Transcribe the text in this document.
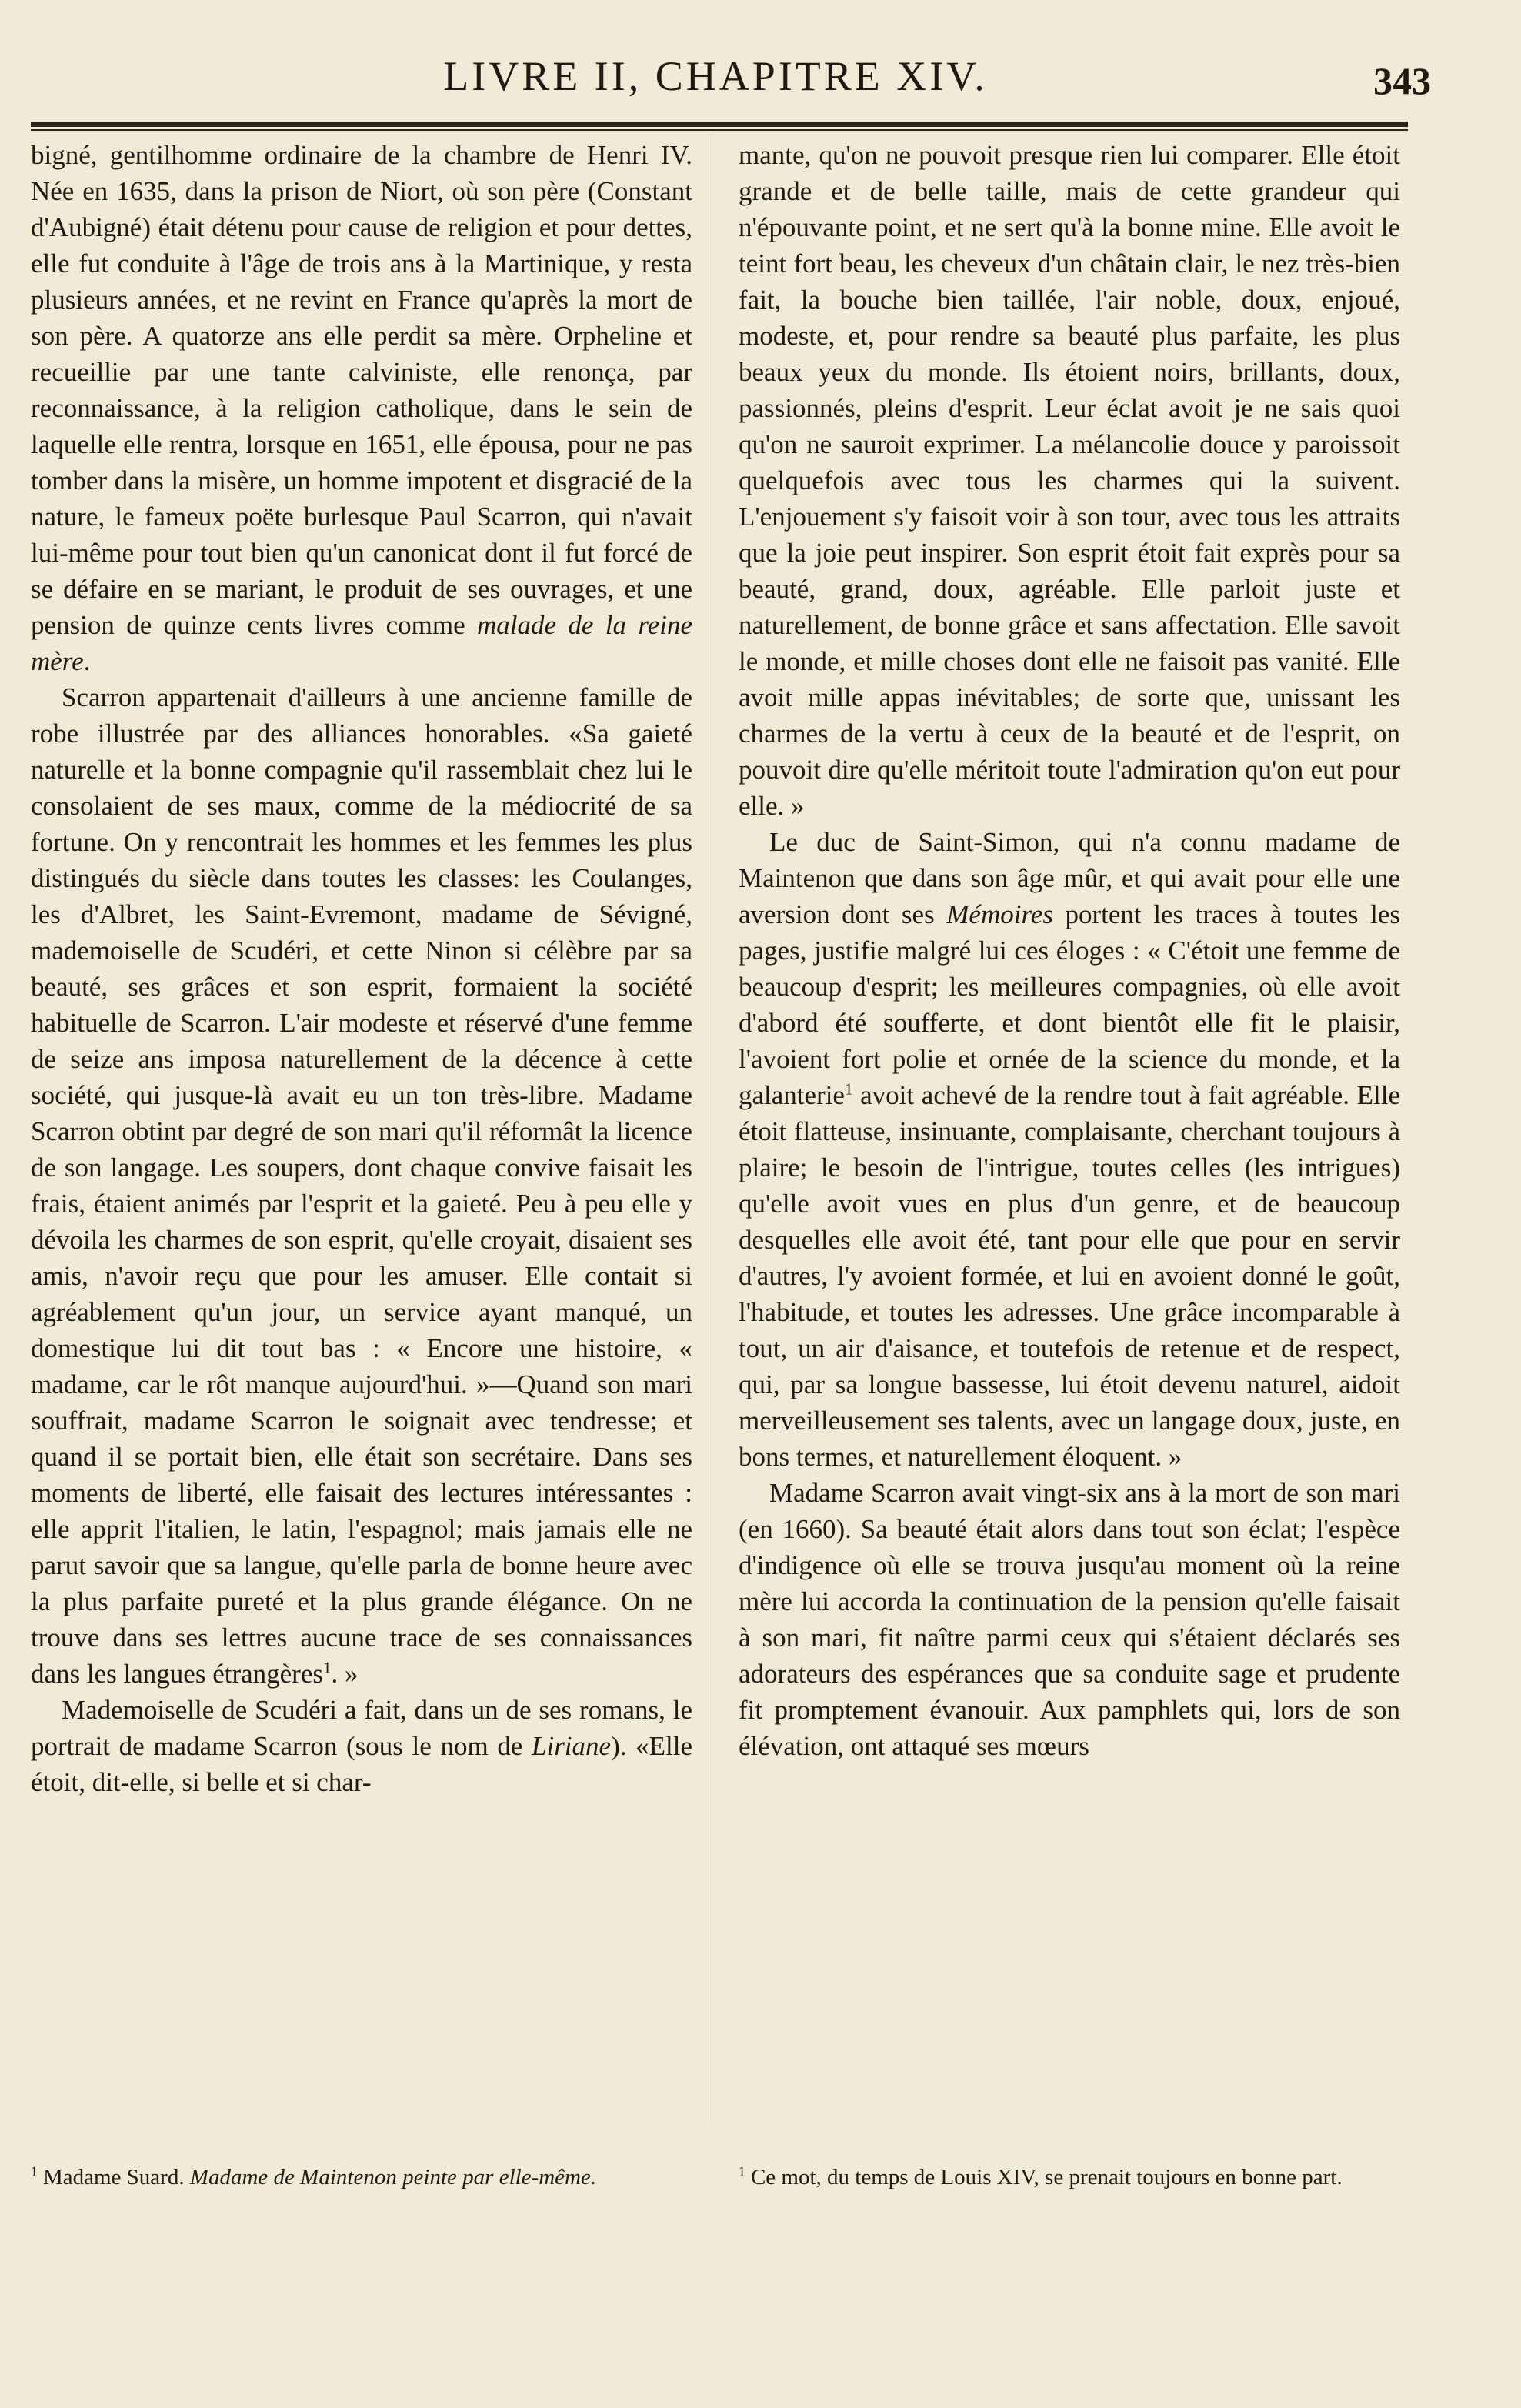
LIVRE II, CHAPITRE XIV.	343

bigné, gentilhomme ordinaire de la chambre de Henri IV. Née en 1635, dans la prison de Niort, où son père (Constant d'Aubigné) était détenu pour cause de religion et pour dettes, elle fut conduite à l'âge de trois ans à la Martinique, y resta plusieurs années, et ne revint en France qu'après la mort de son père. A quatorze ans elle perdit sa mère. Orpheline et recueillie par une tante calviniste, elle renonça, par reconnaissance, à la religion catholique, dans le sein de laquelle elle rentra, lorsque en 1651, elle épousa, pour ne pas tomber dans la misère, un homme impotent et disgracié de la nature, le fameux poëte burlesque Paul Scarron, qui n'avait lui-même pour tout bien qu'un canonicat dont il fut forcé de se défaire en se mariant, le produit de ses ouvrages, et une pension de quinze cents livres comme malade de la reine mère.

Scarron appartenait d'ailleurs à une ancienne famille de robe illustrée par des alliances honorables. «Sa gaieté naturelle et la bonne compagnie qu'il rassemblait chez lui le consolaient de ses maux, comme de la médiocrité de sa fortune. On y rencontrait les hommes et les femmes les plus distingués du siècle dans toutes les classes: les Coulanges, les d'Albret, les Saint-Evremont, madame de Sévigné, mademoiselle de Scudéri, et cette Ninon si célèbre par sa beauté, ses grâces et son esprit, formaient la société habituelle de Scarron. L'air modeste et réservé d'une femme de seize ans imposa naturellement de la décence à cette société, qui jusque-là avait eu un ton très-libre. Madame Scarron obtint par degré de son mari qu'il réformât la licence de son langage. Les soupers, dont chaque convive faisait les frais, étaient animés par l'esprit et la gaieté. Peu à peu elle y dévoila les charmes de son esprit, qu'elle croyait, disaient ses amis, n'avoir reçu que pour les amuser. Elle contait si agréablement qu'un jour, un service ayant manqué, un domestique lui dit tout bas : « Encore une histoire, « madame, car le rôt manque aujourd'hui. »—Quand son mari souffrait, madame Scarron le soignait avec tendresse; et quand il se portait bien, elle était son secrétaire. Dans ses moments de liberté, elle faisait des lectures intéressantes : elle apprit l'italien, le latin, l'espagnol; mais jamais elle ne parut savoir que sa langue, qu'elle parla de bonne heure avec la plus parfaite pureté et la plus grande élégance. On ne trouve dans ses lettres aucune trace de ses connaissances dans les langues étrangères$^1$. »

Mademoiselle de Scudéri a fait, dans un de ses romans, le portrait de madame Scarron (sous le nom de Liriane). «Elle étoit, dit-elle, si belle et si char-

mante, qu'on ne pouvoit presque rien lui comparer. Elle étoit grande et de belle taille, mais de cette grandeur qui n'épouvante point, et ne sert qu'à la bonne mine. Elle avoit le teint fort beau, les cheveux d'un châtain clair, le nez très-bien fait, la bouche bien taillée, l'air noble, doux, enjoué, modeste, et, pour rendre sa beauté plus parfaite, les plus beaux yeux du monde. Ils étoient noirs, brillants, doux, passionnés, pleins d'esprit. Leur éclat avoit je ne sais quoi qu'on ne sauroit exprimer. La mélancolie douce y paroissoit quelquefois avec tous les charmes qui la suivent. L'enjouement s'y faisoit voir à son tour, avec tous les attraits que la joie peut inspirer. Son esprit étoit fait exprès pour sa beauté, grand, doux, agréable. Elle parloit juste et naturellement, de bonne grâce et sans affectation. Elle savoit le monde, et mille choses dont elle ne faisoit pas vanité. Elle avoit mille appas inévitables; de sorte que, unissant les charmes de la vertu à ceux de la beauté et de l'esprit, on pouvoit dire qu'elle méritoit toute l'admiration qu'on eut pour elle. »

Le duc de Saint-Simon, qui n'a connu madame de Maintenon que dans son âge mûr, et qui avait pour elle une aversion dont ses Mémoires portent les traces à toutes les pages, justifie malgré lui ces éloges : « C'étoit une femme de beaucoup d'esprit; les meilleures compagnies, où elle avoit d'abord été soufferte, et dont bientôt elle fit le plaisir, l'avoient fort polie et ornée de la science du monde, et la galanterie$^1$ avoit achevé de la rendre tout à fait agréable. Elle étoit flatteuse, insinuante, complaisante, cherchant toujours à plaire; le besoin de l'intrigue, toutes celles (les intrigues) qu'elle avoit vues en plus d'un genre, et de beaucoup desquelles elle avoit été, tant pour elle que pour en servir d'autres, l'y avoient formée, et lui en avoient donné le goût, l'habitude, et toutes les adresses. Une grâce incomparable à tout, un air d'aisance, et toutefois de retenue et de respect, qui, par sa longue bassesse, lui étoit devenu naturel, aidoit merveilleusement ses talents, avec un langage doux, juste, en bons termes, et naturellement éloquent. »

Madame Scarron avait vingt-six ans à la mort de son mari (en 1660). Sa beauté était alors dans tout son éclat; l'espèce d'indigence où elle se trouva jusqu'au moment où la reine mère lui accorda la continuation de la pension qu'elle faisait à son mari, fit naître parmi ceux qui s'étaient déclarés ses adorateurs des espérances que sa conduite sage et prudente fit promptement évanouir. Aux pamphlets qui, lors de son élévation, ont attaqué ses mœurs

$^1$ Madame Suard. Madame de Maintenon peinte par elle-même.	$^1$ Ce mot, du temps de Louis XIV, se prenait toujours en bonne part.
